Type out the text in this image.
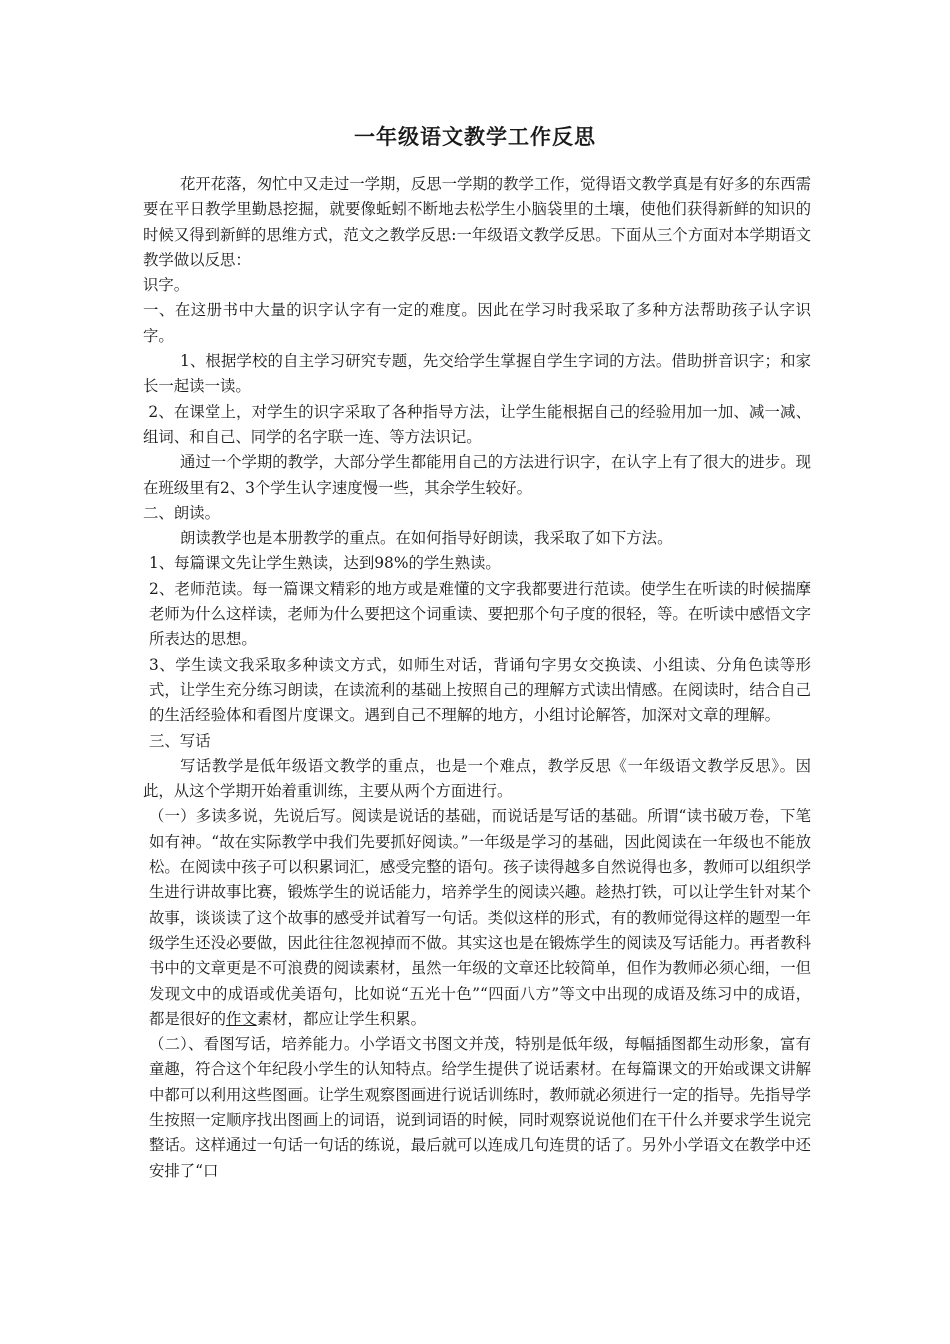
一年级语文教学工作反思

花开花落，匆忙中又走过一学期，反思一学期的教学工作，觉得语文教学真是有好多的东西需要在平日教学里勤恳挖掘，就要像蚯蚓不断地去松学生小脑袋里的土壤，使他们获得新鲜的知识的时候又得到新鲜的思维方式，范文之教学反思:一年级语文教学反思。下面从三个方面对本学期语文教学做以反思：

识字。

一、在这册书中大量的识字认字有一定的难度。因此在学习时我采取了多种方法帮助孩子认字识字。

1、根据学校的自主学习研究专题，先交给学生掌握自学生字词的方法。借助拼音识字；和家长一起读一读。

2、在课堂上，对学生的识字采取了各种指导方法，让学生能根据自己的经验用加一加、减一减、组词、和自己、同学的名字联一连、等方法识记。

通过一个学期的教学，大部分学生都能用自己的方法进行识字，在认字上有了很大的进步。现在班级里有2、3个学生认字速度慢一些，其余学生较好。

二、朗读。

朗读教学也是本册教学的重点。在如何指导好朗读，我采取了如下方法。

1、每篇课文先让学生熟读，达到98%的学生熟读。

2、老师范读。每一篇课文精彩的地方或是难懂的文字我都要进行范读。使学生在听读的时候揣摩老师为什么这样读，老师为什么要把这个词重读、要把那个句子度的很轻，等。在听读中感悟文字所表达的思想。

3、学生读文我采取多种读文方式，如师生对话，背诵句字男女交换读、小组读、分角色读等形式，让学生充分练习朗读，在读流利的基础上按照自己的理解方式读出情感。在阅读时，结合自己的生活经验体和看图片度课文。遇到自己不理解的地方，小组讨论解答，加深对文章的理解。

三、写话

写话教学是低年级语文教学的重点，也是一个难点，教学反思《一年级语文教学反思》。因此，从这个学期开始着重训练，主要从两个方面进行。

（一）多读多说，先说后写。阅读是说话的基础，而说话是写话的基础。所谓“读书破万卷，下笔如有神。“故在实际教学中我们先要抓好阅读。”一年级是学习的基础，因此阅读在一年级也不能放松。在阅读中孩子可以积累词汇，感受完整的语句。孩子读得越多自然说得也多，教师可以组织学生进行讲故事比赛，锻炼学生的说话能力，培养学生的阅读兴趣。趁热打铁，可以让学生针对某个故事，谈谈读了这个故事的感受并试着写一句话。类似这样的形式，有的教师觉得这样的题型一年级学生还没必要做，因此往往忽视掉而不做。其实这也是在锻炼学生的阅读及写话能力。再者教科书中的文章更是不可浪费的阅读素材，虽然一年级的文章还比较简单，但作为教师必须心细，一但发现文中的成语或优美语句，比如说“五光十色”“四面八方”等文中出现的成语及练习中的成语，都是很好的作文素材，都应让学生积累。

（二）、看图写话，培养能力。小学语文书图文并茂，特别是低年级，每幅插图都生动形象，富有童趣，符合这个年纪段小学生的认知特点。给学生提供了说话素材。在每篇课文的开始或课文讲解中都可以利用这些图画。让学生观察图画进行说话训练时，教师就必须进行一定的指导。先指导学生按照一定顺序找出图画上的词语，说到词语的时候，同时观察说说他们在干什么并要求学生说完整话。这样通过一句话一句话的练说，最后就可以连成几句连贯的话了。另外小学语文在教学中还安排了“口
